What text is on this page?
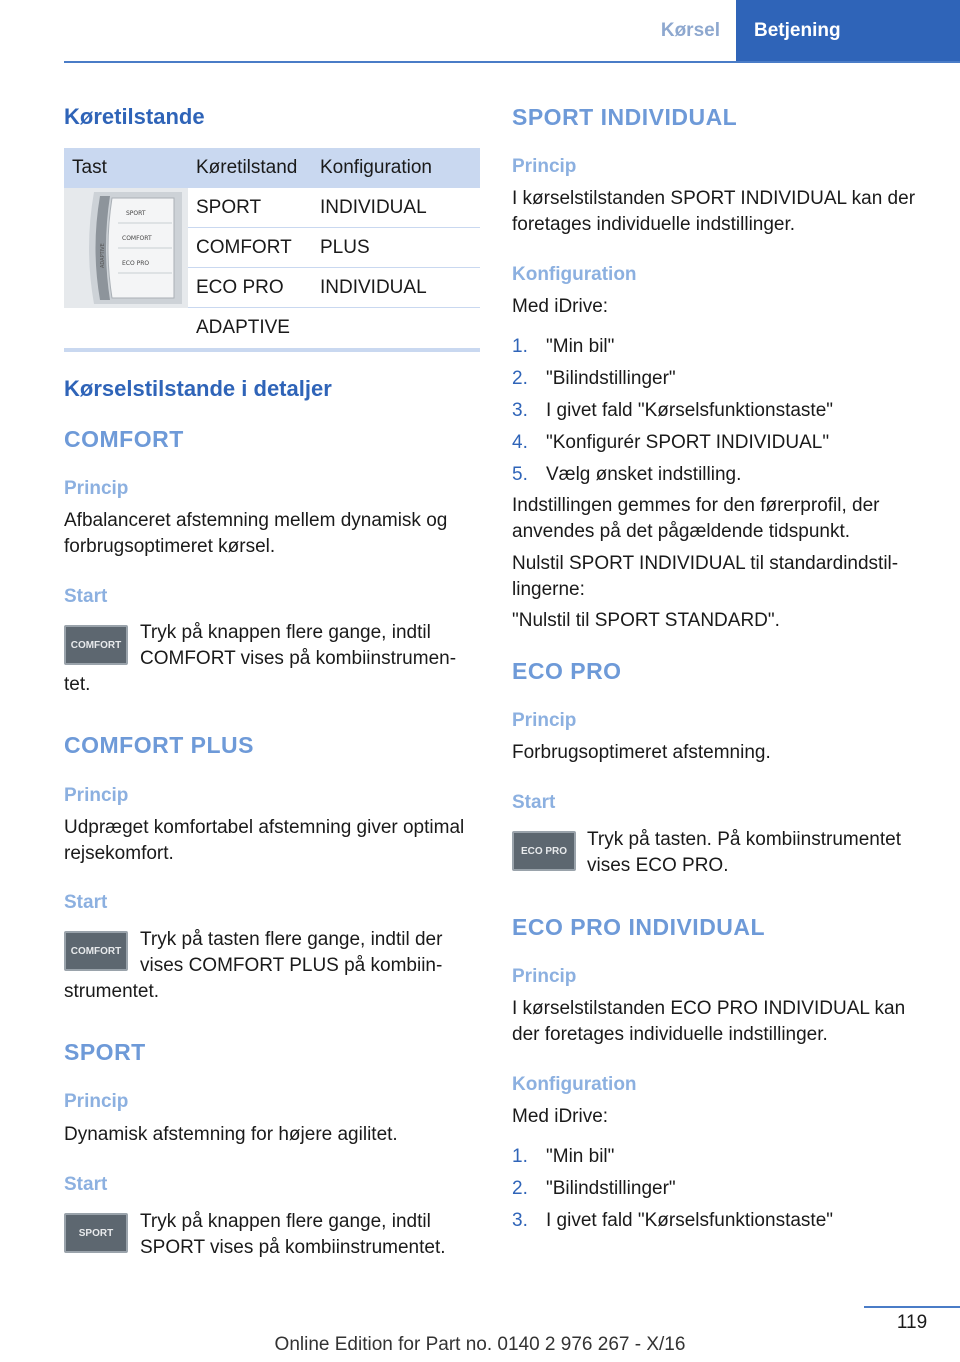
Kørsel	Betjening
Køretilstande
Tast	Køretilstand	Konfiguration

SPORT
COMFORT
ECO PRO
ADAPTIVE	SPORT	INDIVIDUAL
	COMFORT	PLUS
	ECO PRO	INDIVIDUAL
	ADAPTIVE	
Kørselstilstande i detaljer
COMFORT
Princip
Afbalanceret afstemning mellem dynamisk og forbrugsoptimeret kørsel.
Start
COMFORT
Tryk på knappen flere gange, indtil
COMFORT vises på kombiinstrumen-
tet.
COMFORT PLUS
Princip
Udpræget komfortabel afstemning giver optimal rejsekomfort.
Start
COMFORT
Tryk på tasten flere gange, indtil der
vises COMFORT PLUS på kombiin-
strumentet.
SPORT
Princip
Dynamisk afstemning for højere agilitet.
Start
SPORT
Tryk på knappen flere gange, indtil
SPORT vises på kombiinstrumentet.
SPORT INDIVIDUAL
Princip
I kørselstilstanden SPORT INDIVIDUAL kan der foretages individuelle indstillinger.
Konfiguration
Med iDrive:
1. "Min bil"
2. "Bilindstillinger"
3. I givet fald "Kørselsfunktionstaste"
4. "Konfigurér SPORT INDIVIDUAL"
5. Vælg ønsket indstilling.
Indstillingen gemmes for den førerprofil, der anvendes på det pågældende tidspunkt.
Nulstil SPORT INDIVIDUAL til standardindstillingerne:
"Nulstil til SPORT STANDARD".
ECO PRO
Princip
Forbrugsoptimeret afstemning.
Start
ECO PRO
Tryk på tasten. På kombiinstrumentet
vises ECO PRO.
ECO PRO INDIVIDUAL
Princip
I kørselstilstanden ECO PRO INDIVIDUAL kan der foretages individuelle indstillinger.
Konfiguration
Med iDrive:
1. "Min bil"
2. "Bilindstillinger"
3. I givet fald "Kørselsfunktionstaste"
119
Online Edition for Part no. 0140 2 976 267 - X/16
